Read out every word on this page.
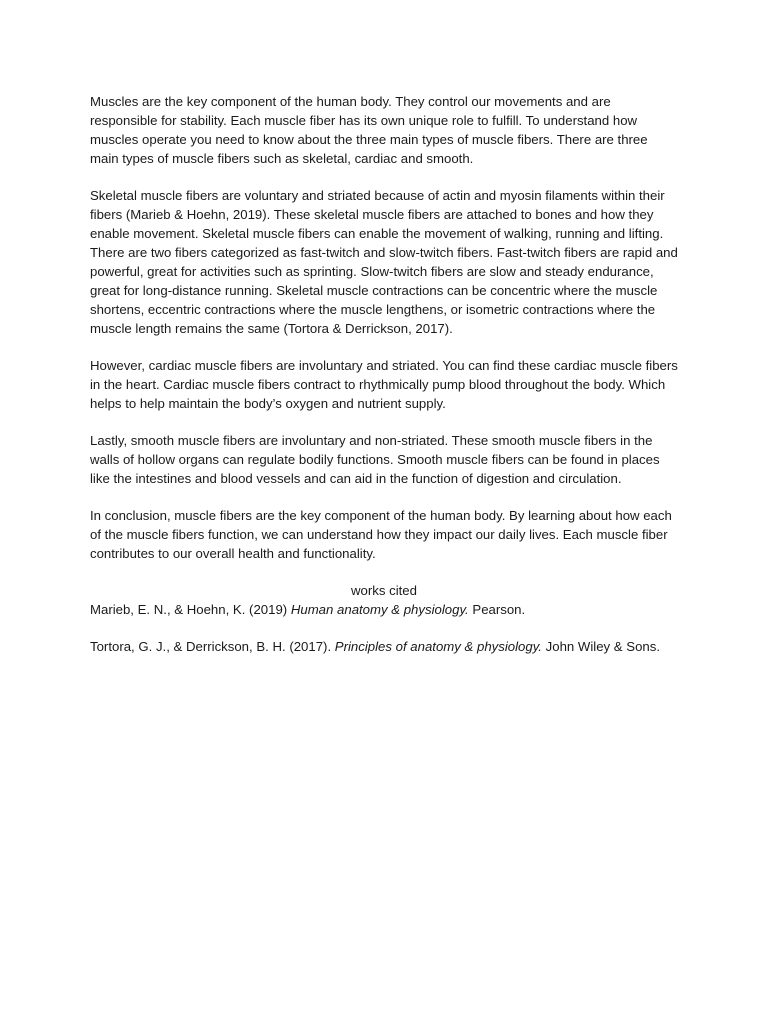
Muscles are the key component of the human body. They control our movements and are responsible for stability. Each muscle fiber has its own unique role to fulfill. To understand how muscles operate you need to know about the three main types of muscle fibers. There are three main types of muscle fibers such as skeletal, cardiac and smooth.

Skeletal muscle fibers are voluntary and striated because of actin and myosin filaments within their fibers (Marieb & Hoehn, 2019). These skeletal muscle fibers are attached to bones and how they enable movement. Skeletal muscle fibers can enable the movement of walking, running and lifting. There are two fibers categorized as fast-twitch and slow-twitch fibers. Fast-twitch fibers are rapid and powerful, great for activities such as sprinting. Slow-twitch fibers are slow and steady endurance, great for long-distance running. Skeletal muscle contractions can be concentric where the muscle shortens, eccentric contractions where the muscle lengthens, or isometric contractions where the muscle length remains the same (Tortora & Derrickson, 2017).

However, cardiac muscle fibers are involuntary and striated. You can find these cardiac muscle fibers in the heart. Cardiac muscle fibers contract to rhythmically pump blood throughout the body. Which helps to help maintain the body’s oxygen and nutrient supply.

Lastly, smooth muscle fibers are involuntary and non-striated. These smooth muscle fibers in the walls of hollow organs can regulate bodily functions. Smooth muscle fibers can be found in places like the intestines and blood vessels and can aid in the function of digestion and circulation.

In conclusion, muscle fibers are the key component of the human body. By learning about how each of the muscle fibers function, we can understand how they impact our daily lives. Each muscle fiber contributes to our overall health and functionality.

works cited

Marieb, E. N., & Hoehn, K. (2019) Human anatomy & physiology. Pearson.

Tortora, G. J., & Derrickson, B. H. (2017). Principles of anatomy & physiology. John Wiley & Sons.
